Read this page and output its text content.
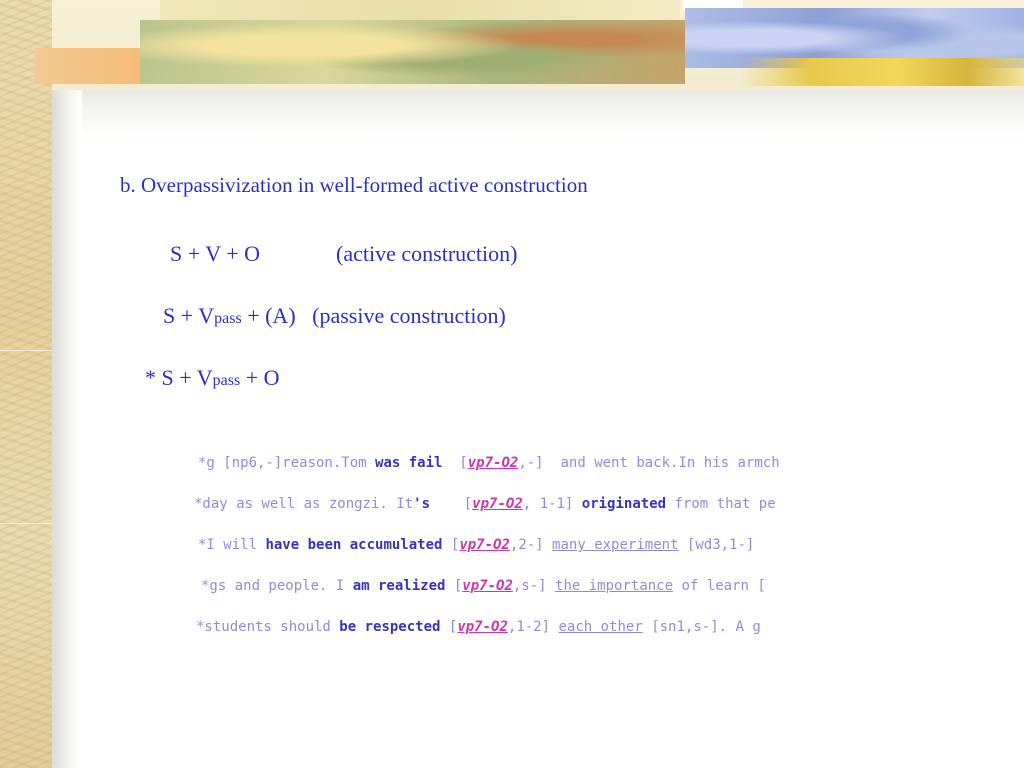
b. Overpassivization in well-formed active construction
S + V + O	(active construction)
S + Vpass + (A)   (passive construction)
* S + Vpass + O
*g [np6,-]reason.Tom was fail  [vp7-O2,-]  and went back.In his armch
*day as well as zongzi. It's    [vp7-O2, 1-1] originated from that pe
*I will have been accumulated [vp7-O2,2-] many experiment [wd3,1-]
*gs and people. I am realized [vp7-O2,s-] the importance of learn [
*students should be respected [vp7-O2,1-2] each other [sn1,s-]. A g
